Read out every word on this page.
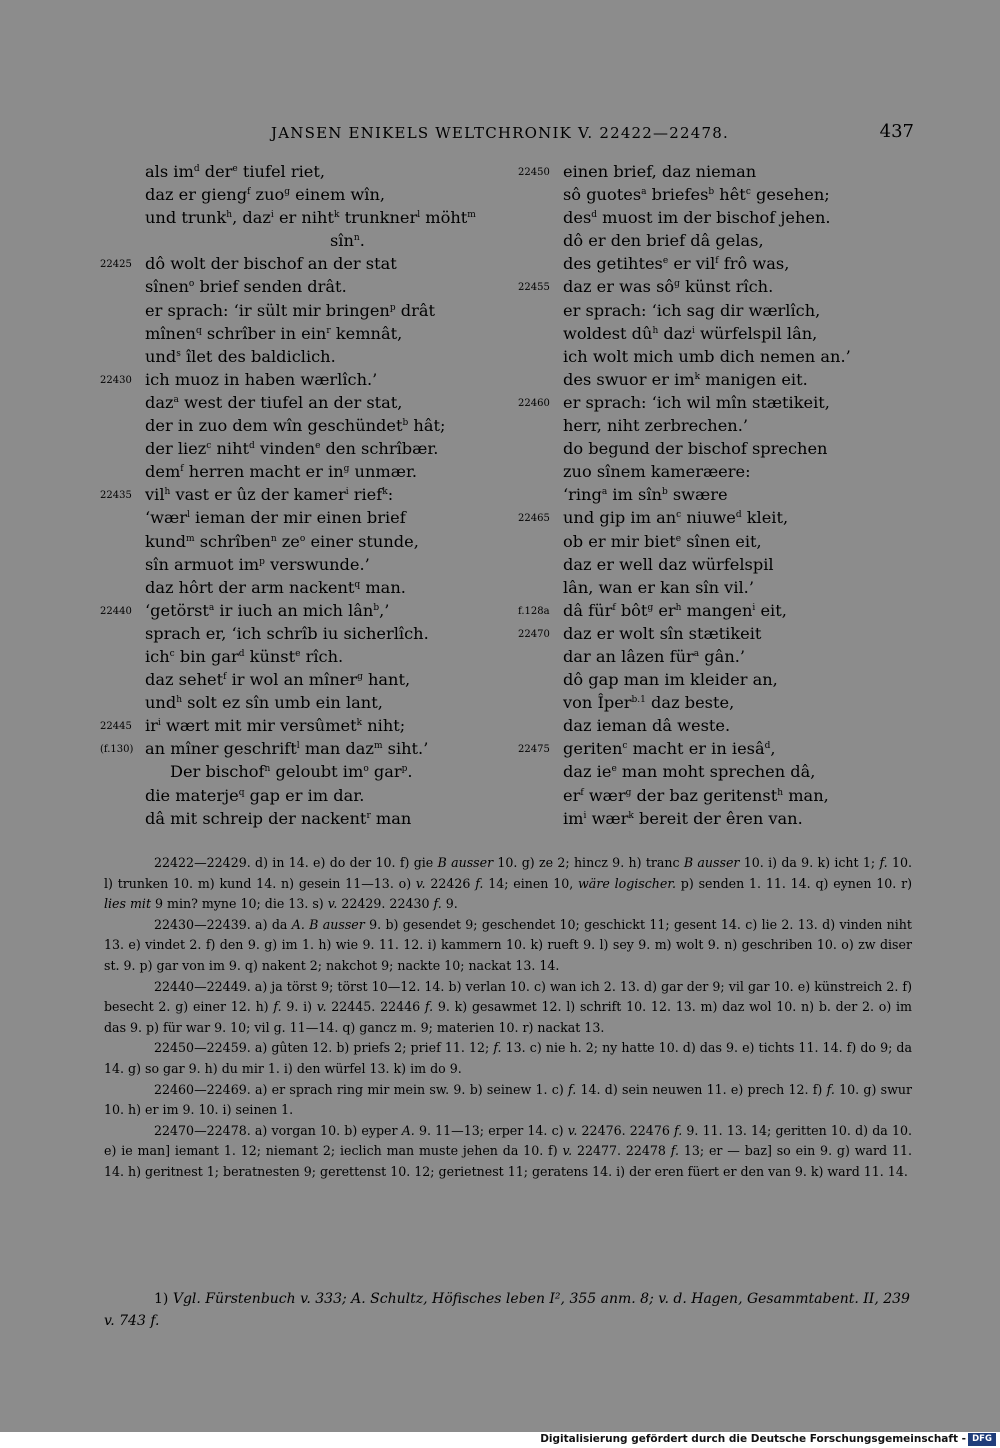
JANSEN ENIKELS WELTCHRONIK V. 22422—22478.	437
als $im^d$ der$^e$ tiufel riet,
daz er gieng$^f$ zuo$^g$ einem wîn,
und trunk$^h$, daz$^i$ er niht$^k$ trunkner$^l$ möht$^m$
sîn$^n$.
22425 dô wolt der bischof an der stat
sînen$^o$ brief senden drât.
er sprach: ‘ir sült mir bringen$^p$ drât
mînen$^q$ schrîber in ein$^r$ kemnât,
und$^s$ îlet des baldiclich.
22430 ich muoz in haben wærlîch.’
daz$^a$ west der tiufel an der stat,
der in zuo dem wîn geschündet$^b$ hât;
der liez$^c$ niht$^d$ vinden$^e$ den schrîbær.
dem$^f$ herren macht er $in^g$ unmær.
22435 vil$^h$ vast er ûz der kamer$^i$ rief$^k$:
‘wær$^l$ ieman der mir einen brief
kund$^m$ schrîben$^n$ $ze^o$ einer stunde,
sîn armuot $im^p$ verswunde.’
daz hôrt der arm nackent$^q$ man.
22440 ‘getörst$^a$ ir iuch an mich lân$^b$,’
sprach er, ‘ich schrîb iu sicherlîch.
ich$^c$ bin gar$^d$ künst$^e$ rîch.
daz sehet$^f$ ir wol an mîner$^g$ hant,
und$^h$ solt ez sîn umb ein lant,
22445 $ir^i$ wært mit mir versûmet$^k$ niht;
(f.130) an mîner geschrift$^l$ man daz$^m$ siht.’
Der bischof$^n$ geloubt $im^o$ gar$^p$.
die materje$^q$ gap er im dar.
dâ mit schreip der nackent$^r$ man
22450 einen brief, daz nieman
sô guotes$^a$ briefes$^b$ hêt$^c$ gesehen;
des$^d$ muost im der bischof jehen.
dô er den brief dâ gelas,
des getihtes$^e$ er vil$^f$ frô was,
22455 daz er was $sô^g$ künst rîch.
er sprach: ‘ich sag dir wærlîch,
woldest $dû^h$ daz$^i$ würfelspil lân,
ich wolt mich umb dich nemen an.’
des swuor er $im^k$ manigen eit.
22460 er sprach: ‘ich wil mîn stætikeit,
herr, niht zerbrechen.’
do begund der bischof sprechen
zuo sînem kameræere:
‘ring$^a$ im sîn$^b$ swære
22465 und gip im $an^c$ niuwe$^d$ kleit,
ob er mir biet$^e$ sînen eit,
daz er well daz würfelspil
lân, wan er kan sîn vil.’
f.128a dâ für$^f$ bôt$^g$ $er^h$ mangen$^i$ eit,
22470 daz er wolt sîn stætikeit
dar an lâzen für$^a$ gân.’
dô gap man im kleider an,
von Îper$^{b.1}$ daz beste,
daz ieman dâ weste.
22475 geriten$^c$ macht er in iesâ$^d$,
daz $ie^e$ man moht sprechen dâ,
$er^f$ wær$^g$ der baz geritenst$^h$ man,
$im^i$ wær$^k$ bereit der êren van.

22422—22429. d) in 14. e) do der 10. f) gie B ausser 10. g) ze 2; hincz 9. h) tranc B ausser 10. i) da 9. k) icht 1; f. 10. l) trunken 10. m) kund 14. n) gesein 11—13. o) v. 22426 f. 14; einen 10, wäre logischer. p) senden 1. 11. 14. q) eynen 10. r) lies mit 9 min? myne 10; die 13. s) v. 22429. 22430 f. 9.

22430—22439. a) da A. B ausser 9. b) gesendet 9; geschendet 10; geschickt 11; gesent 14. c) lie 2. 13. d) vinden niht 13. e) vindet 2. f) den 9. g) im 1. h) wie 9. 11. 12. i) kammern 10. k) rueft 9. l) sey 9. m) wolt 9. n) geschriben 10. o) zw diser st. 9. p) gar von im 9. q) nakent 2; nakchot 9; nackte 10; nackat 13. 14.

22440—22449. a) ja törst 9; törst 10—12. 14. b) verlan 10. c) wan ich 2. 13. d) gar der 9; vil gar 10. e) künstreich 2. f) besecht 2. g) einer 12. h) f. 9. i) v. 22445. 22446 f. 9. k) gesawmet 12. l) schrift 10. 12. 13. m) daz wol 10. n) b. der 2. o) im das 9. p) für war 9. 10; vil g. 11—14. q) gancz m. 9; materien 10. r) nackat 13.

22450—22459. a) gûten 12. b) priefs 2; prief 11. 12; f. 13. c) nie h. 2; ny hatte 10. d) das 9. e) tichts 11. 14. f) do 9; da 14. g) so gar 9. h) du mir 1. i) den würfel 13. k) im do 9.

22460—22469. a) er sprach ring mir mein sw. 9. b) seinew 1. c) f. 14. d) sein neuwen 11. e) prech 12. f) f. 10. g) swur 10. h) er im 9. 10. i) seinen 1.

22470—22478. a) vorgan 10. b) eyper A. 9. 11—13; erper 14. c) v. 22476. 22476 f. 9. 11. 13. 14; geritten 10. d) da 10. e) ie man] iemant 1. 12; niemant 2; ieclich man muste jehen da 10. f) v. 22477. 22478 f. 13; er — baz] so ein 9. g) ward 11. 14. h) geritnest 1; beratnesten 9; gerettenst 10. 12; gerietnest 11; geratens 14. i) der eren füert er den van 9. k) ward 11. 14.

1) Vgl. Fürstenbuch v. 333; A. Schultz, Höfisches leben I², 355 anm. 8; v. d. Hagen, Gesammtabent. II, 239 v. 743 f.

Digitalisierung gefördert durch die Deutsche Forschungsgemeinschaft - DFG
